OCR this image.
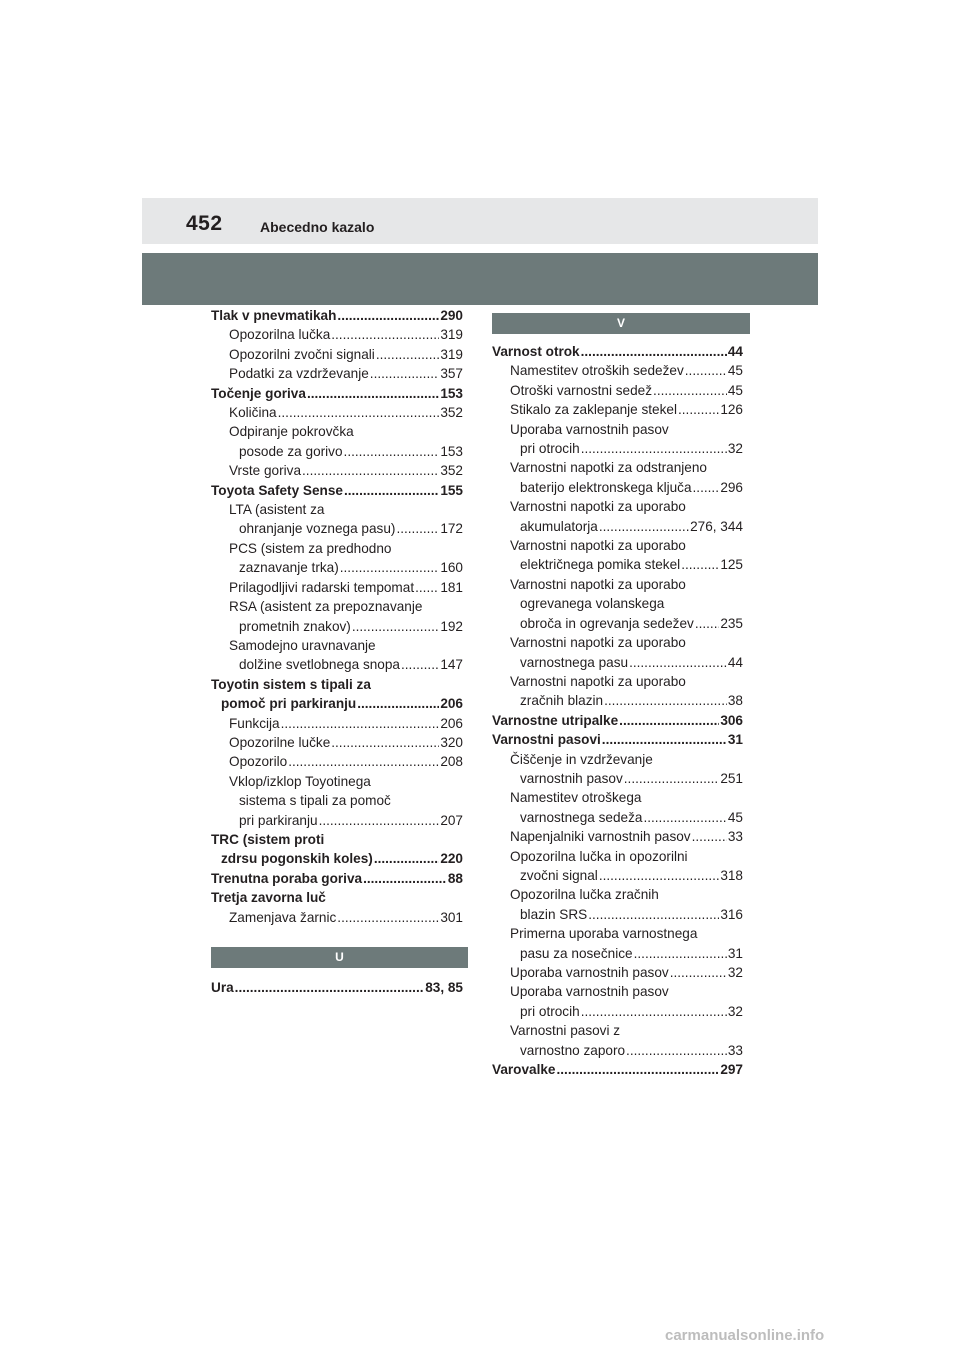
452	Abecedno kazalo
Tlak v pnevmatikah .....	290
Opozorilna lučka .....	319
Opozorilni zvočni signali .....	319
Podatki za vzdrževanje .....	357
Točenje goriva .....	153
Količina .....	352
Odpiranje pokrovčka
posode za gorivo .....	153
Vrste goriva .....	352
Toyota Safety Sense .....	155
LTA (asistent za
ohranjanje voznega pasu) .....	172
PCS (sistem za predhodno
zaznavanje trka) .....	160
Prilagodljivi radarski tempomat ..... 181
RSA (asistent za prepoznavanje
prometnih znakov) .....	192
Samodejno uravnavanje
dolžine svetlobnega snopa .....	147
Toyotin sistem s tipali za
pomoč pri parkiranju .....	206
Funkcija .....	206
Opozorilne lučke .....	320
Opozorilo .....	208
Vklop/izklop Toyotinega
sistema s tipali za pomoč
pri parkiranju .....	207
TRC (sistem proti
zdrsu pogonskih koles) .....	220
Trenutna poraba goriva .....	88
Tretja zavorna luč
Zamenjava žarnic .....	301
U
Ura .....	83, 85
V
Varnost otrok .....	44
Namestitev otroških sedežev .....	45
Otroški varnostni sedež .....	45
Stikalo za zaklepanje stekel .....	126
Uporaba varnostnih pasov
pri otrocih .....	32
Varnostni napotki za odstranjeno
baterijo elektronskega ključa ..... 296
Varnostni napotki za uporabo
akumulatorja .....	276, 344
Varnostni napotki za uporabo
električnega pomika stekel .....	125
Varnostni napotki za uporabo
ogrevanega volanskega
obroča in ogrevanja sedežev ..... 235
Varnostni napotki za uporabo
varnostnega pasu .....	44
Varnostni napotki za uporabo
zračnih blazin .....	38
Varnostne utripalke .....	306
Varnostni pasovi .....	31
Čiščenje in vzdrževanje
varnostnih pasov .....	251
Namestitev otroškega
varnostnega sedeža .....	45
Napenjalniki varnostnih pasov .....	33
Opozorilna lučka in opozorilni
zvočni signal .....	318
Opozorilna lučka zračnih
blazin SRS .....	316
Primerna uporaba varnostnega
pasu za nosečnice .....	31
Uporaba varnostnih pasov .....	32
Uporaba varnostnih pasov
pri otrocih .....	32
Varnostni pasovi z
varnostno zaporo .....	33
Varovalke .....	297
carmanualsonline.info
